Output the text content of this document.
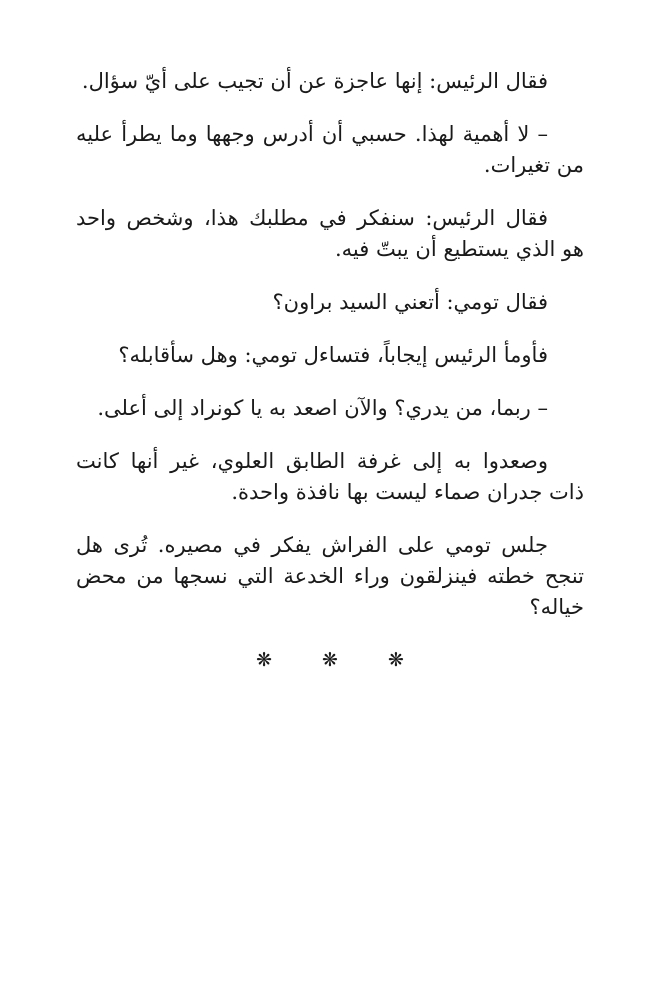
فقال الرئيس: إنها عاجزة عن أن تجيب على أيّ سؤال.

– لا أهمية لهذا. حسبي أن أدرس وجهها وما يطرأ عليه من تغيرات.

فقال الرئيس: سنفكر في مطلبك هذا، وشخص واحد هو الذي يستطيع أن يبتّ فيه.

فقال تومي: أتعني السيد براون؟

فأومأ الرئيس إيجاباً، فتساءل تومي: وهل سأقابله؟

– ربما، من يدري؟ والآن اصعد به يا كونراد إلى أعلى.

وصعدوا به إلى غرفة الطابق العلوي، غير أنها كانت ذات جدران صماء ليست بها نافذة واحدة.

جلس تومي على الفراش يفكر في مصيره. تُرى هل تنجح خطته فينزلقون وراء الخدعة التي نسجها من محض خياله؟

❋ ❋ ❋
